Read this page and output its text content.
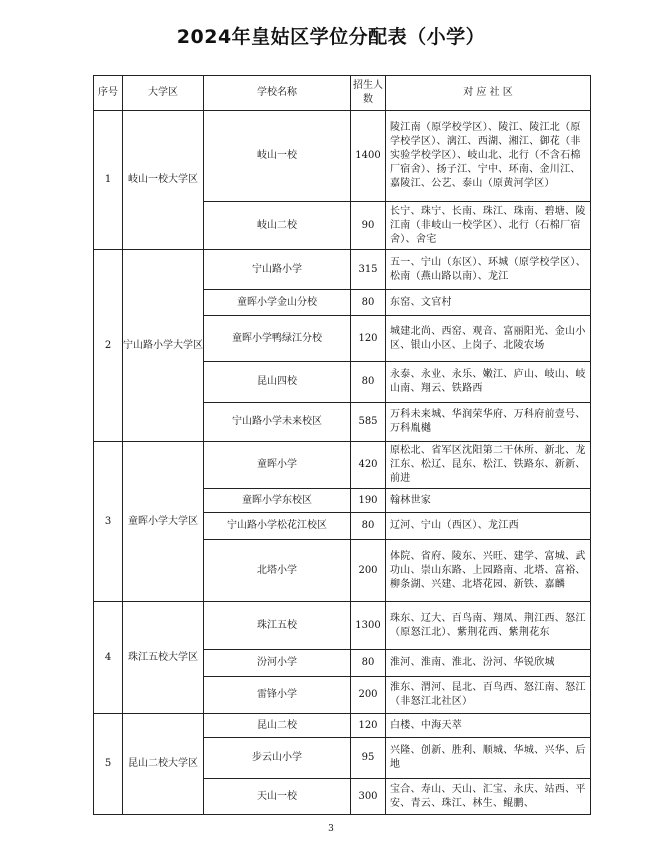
2024年皇姑区学位分配表（小学）
序号	大学区	学校名称	招生人数	对 应 社 区
1	岐山一校大学区	岐山一校	1400	陵江南（原学校学区）、陵江、陵江北（原学校学区）、漓江、西湖、湘江、御花（非实验学校学区）、岐山北、北行（不含石棉厂宿舍）、扬子江、宁中、环南、金川江、嘉陵江、公艺、泰山（原黄河学区）
		岐山二校	90	长宁、珠宁、长南、珠江、珠南、碧塘、陵江南（非岐山一校学区）、北行（石棉厂宿舍）、舍宅
2	宁山路小学大学区	宁山路小学	315	五一、宁山（东区）、环城（原学校学区）、松南（燕山路以南）、龙江
		童晖小学金山分校	80	东窑、文官村
		童晖小学鸭绿江分校	120	城建北尚、西窑、观音、富丽阳光、金山小区、银山小区、上岗子、北陵农场
		昆山四校	80	永泰、永业、永乐、嫩江、庐山、岐山、岐山南、翔云、铁路西
		宁山路小学未来校区	585	万科未来城、华润荣华府、万科府前壹号、万科胤樾
3	童晖小学大学区	童晖小学	420	原松北、省军区沈阳第二干休所、新北、龙江东、松辽、昆东、松江、铁路东、新新、前进
		童晖小学东校区	190	翰林世家
		宁山路小学松花江校区	80	辽河、宁山（西区）、龙江西
		北塔小学	200	体院、省府、陵东、兴旺、建学、富城、武功山、崇山东路、上园路南、北塔、富裕、柳条湖、兴建、北塔花园、新铁、嘉麟
4	珠江五校大学区	珠江五校	1300	珠东、辽大、百鸟南、翔凤、荆江西、怒江（原怒江北）、紫荆花西、紫荆花东
		汾河小学	80	淮河、淮南、淮北、汾河、华锐欣城
		雷锋小学	200	淮东、渭河、昆北、百鸟西、怒江南、怒江（非怒江北社区）
5	昆山二校大学区	昆山二校	120	白楼、中海天萃
		步云山小学	95	兴隆、创新、胜利、顺城、华城、兴华、后地
		天山一校	300	宝合、寿山、天山、汇宝、永庆、站西、平安、青云、珠江、林生、鲲鹏、
3
